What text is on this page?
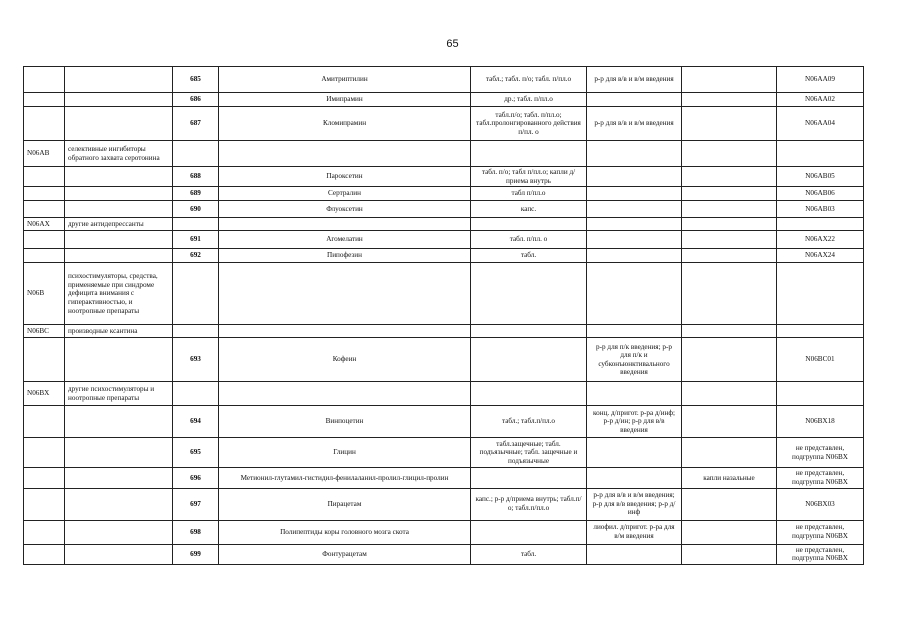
65
		685	Амитриптилин	табл.; табл. п/о; табл. п/пл.о	р-р для в/в и в/м введения		N06AA09
		686	Имипрамин	др.; табл. п/пл.о			N06AA02
		687	Кломипрамин	табл.п/о; табл. п/пл.о; табл.пролонгированного действия п/пл. о	р-р для в/в и в/м введения		N06AA04
N06AB	селективные ингибиторы обратного захвата серотонина						
		688	Пароксетин	табл. п/о; табл п/пл.о; капли д/приема внутрь			N06AB05
		689	Сертралин	табл п/пл.о			N06AB06
		690	Флуоксетин	капс.			N06AB03
N06AX	другие антидепрессанты						
		691	Агомелатин	табл. п/пл. о			N06AX22
		692	Пипофезин	табл.			N06AX24
N06B	психостимуляторы, средства, применяемые при синдроме дефицита внимания с гиперактивностью, и ноотропные препараты						
N06BC	производные ксантина						
		693	Кофеин		р-р для п/к введения; р-р для п/к и субконъюнктивального введения		N06BC01
N06BX	другие психостимуляторы и ноотропные препараты						
		694	Винпоцетин	табл.; табл.п/пл.о	конц. д/пригот. р-ра д/инф; р-р д/ин; р-р для в/в введения		N06BX18
		695	Глицин	табл.защечные; табл. подъязычные; табл. защечные и подъязычные			не представлен, подгруппа N06BX
		696	Метионил-глутамил-гистидил-фенилаланил-пролил-глицил-пролин			капли назальные	не представлен, подгруппа N06BX
		697	Пирацетам	капс.; р-р д/приема внутрь; табл.п/о; табл.п/пл.о	р-р для в/в и в/м введения; р-р для в/в введения; р-р д/инф		N06BX03
		698	Полипептиды коры головного мозга скота		лиофил. д/пригот. р-ра для в/м введения		не представлен, подгруппа N06BX
		699	Фонтурацетам	табл.			не представлен, подгруппа N06BX
